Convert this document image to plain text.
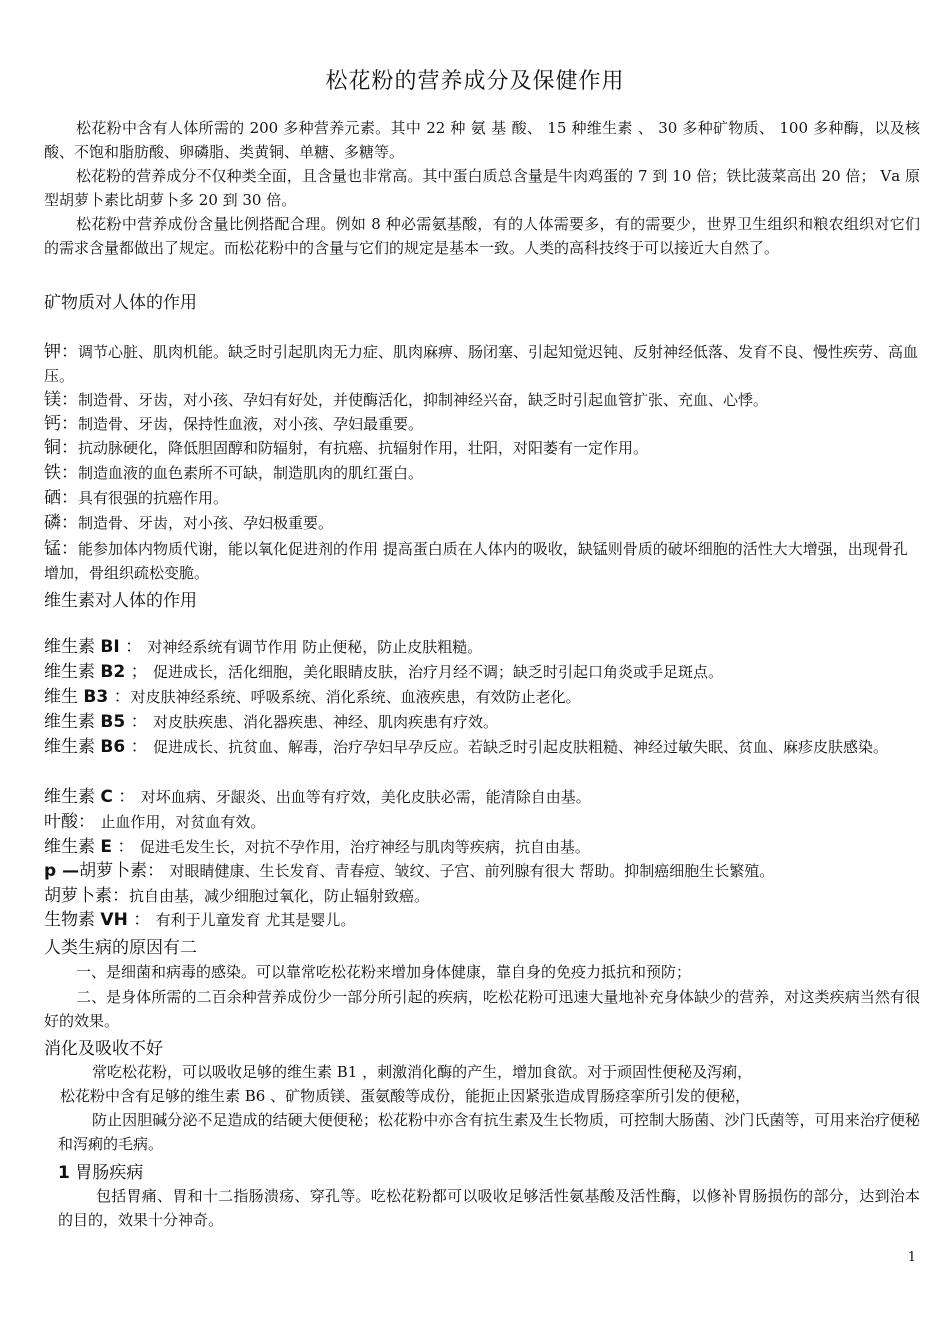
松花粉的营养成分及保健作用
松花粉中含有人体所需的 200 多种营养元素。其中 22 种 氨 基 酸、 15 种维生素 、 30 多种矿物质、 100 多种酶，以及核酸、不饱和脂肪酸、卵磷脂、类黄铜、单糖、多糖等。
松花粉的营养成分不仅种类全面，且含量也非常高。其中蛋白质总含量是牛肉鸡蛋的 7 到 10 倍；铁比菠菜高出 20 倍； Ⅴa 原型胡萝卜素比胡萝卜多 20 到 30 倍。
松花粉中营养成份含量比例搭配合理。例如 8 种必需氨基酸，有的人体需要多，有的需要少，世界卫生组织和粮农组织对它们的需求含量都做出了规定。而松花粉中的含量与它们的规定是基本一致。人类的高科技终于可以接近大自然了。
矿物质对人体的作用
钾：调节心脏、肌肉机能。缺乏时引起肌肉无力症、肌肉麻痹、肠闭塞、引起知觉迟钝、反射神经低落、发育不良、慢性疾劳、高血压。
镁：制造骨、牙齿，对小孩、孕妇有好处，并使酶活化，抑制神经兴奋，缺乏时引起血管扩张、充血、心悸。
钙：制造骨、牙齿，保持性血液，对小孩、孕妇最重要。
铜：抗动脉硬化，降低胆固醇和防辐射，有抗癌、抗辐射作用，壮阳，对阳萎有一定作用。
铁：制造血液的血色素所不可缺，制造肌肉的肌红蛋白。
硒：具有很强的抗癌作用。
磷：制造骨、牙齿，对小孩、孕妇极重要。
锰：能参加体内物质代谢，能以氧化促进剂的作用 提高蛋白质在人体内的吸收，缺锰则骨质的破坏细胞的活性大大增强，出现骨孔增加，骨组织疏松变脆。
维生素对人体的作用
维生素 BI ： 对神经系统有调节作用 防止便秘，防止皮肤粗糙。
维生素 B2 ； 促进成长，活化细胞，美化眼睛皮肤，治疗月经不调；缺乏时引起口角炎或手足斑点。
维生 B3 ：对皮肤神经系统、呼吸系统、消化系统、血液疾患，有效防止老化。
维生素 B5 ： 对皮肤疾患、消化器疾患、神经、肌肉疾患有疗效。
维生素 B6 ： 促进成长、抗贫血、解毒，治疗孕妇早孕反应。若缺乏时引起皮肤粗糙、神经过敏失眠、贫血、麻疹皮肤感染。
维生素 C ： 对坏血病、牙龈炎、出血等有疗效，美化皮肤必需，能清除自由基。
叶酸： 止血作用，对贫血有效。
维生素 E ： 促进毛发生长，对抗不孕作用，治疗神经与肌肉等疾病，抗自由基。
p —胡萝卜素： 对眼睛健康、生长发育、青春痘、皱纹、子宫、前列腺有很大 帮助。抑制癌细胞生长繁殖。
胡萝卜素：抗自由基，减少细胞过氧化，防止辐射致癌。
生物素 VH ： 有利于儿童发育 尤其是婴儿。
人类生病的原因有二
一、是细菌和病毒的感染。可以靠常吃松花粉来增加身体健康，靠自身的免疫力抵抗和预防；
二、是身体所需的二百余种营养成份少一部分所引起的疾病，吃松花粉可迅速大量地补充身体缺少的营养，对这类疾病当然有很好的效果。
消化及吸收不好
常吃松花粉，可以吸收足够的维生素 B1 ，刺激消化酶的产生，增加食欲。对于顽固性便秘及泻痢，
松花粉中含有足够的维生素 B6 、矿物质镁、蛋氨酸等成份，能扼止因紧张造成胃肠痉挛所引发的便秘，
防止因胆碱分泌不足造成的结硬大便便秘；松花粉中亦含有抗生素及生长物质，可控制大肠菌、沙门氏菌等，可用来治疗便秘和泻痢的毛病。
1 胃肠疾病
包括胃痛、胃和十二指肠溃疡、穿孔等。吃松花粉都可以吸收足够活性氨基酸及活性酶，以修补胃肠损伤的部分，达到治本的目的，效果十分神奇。
1
